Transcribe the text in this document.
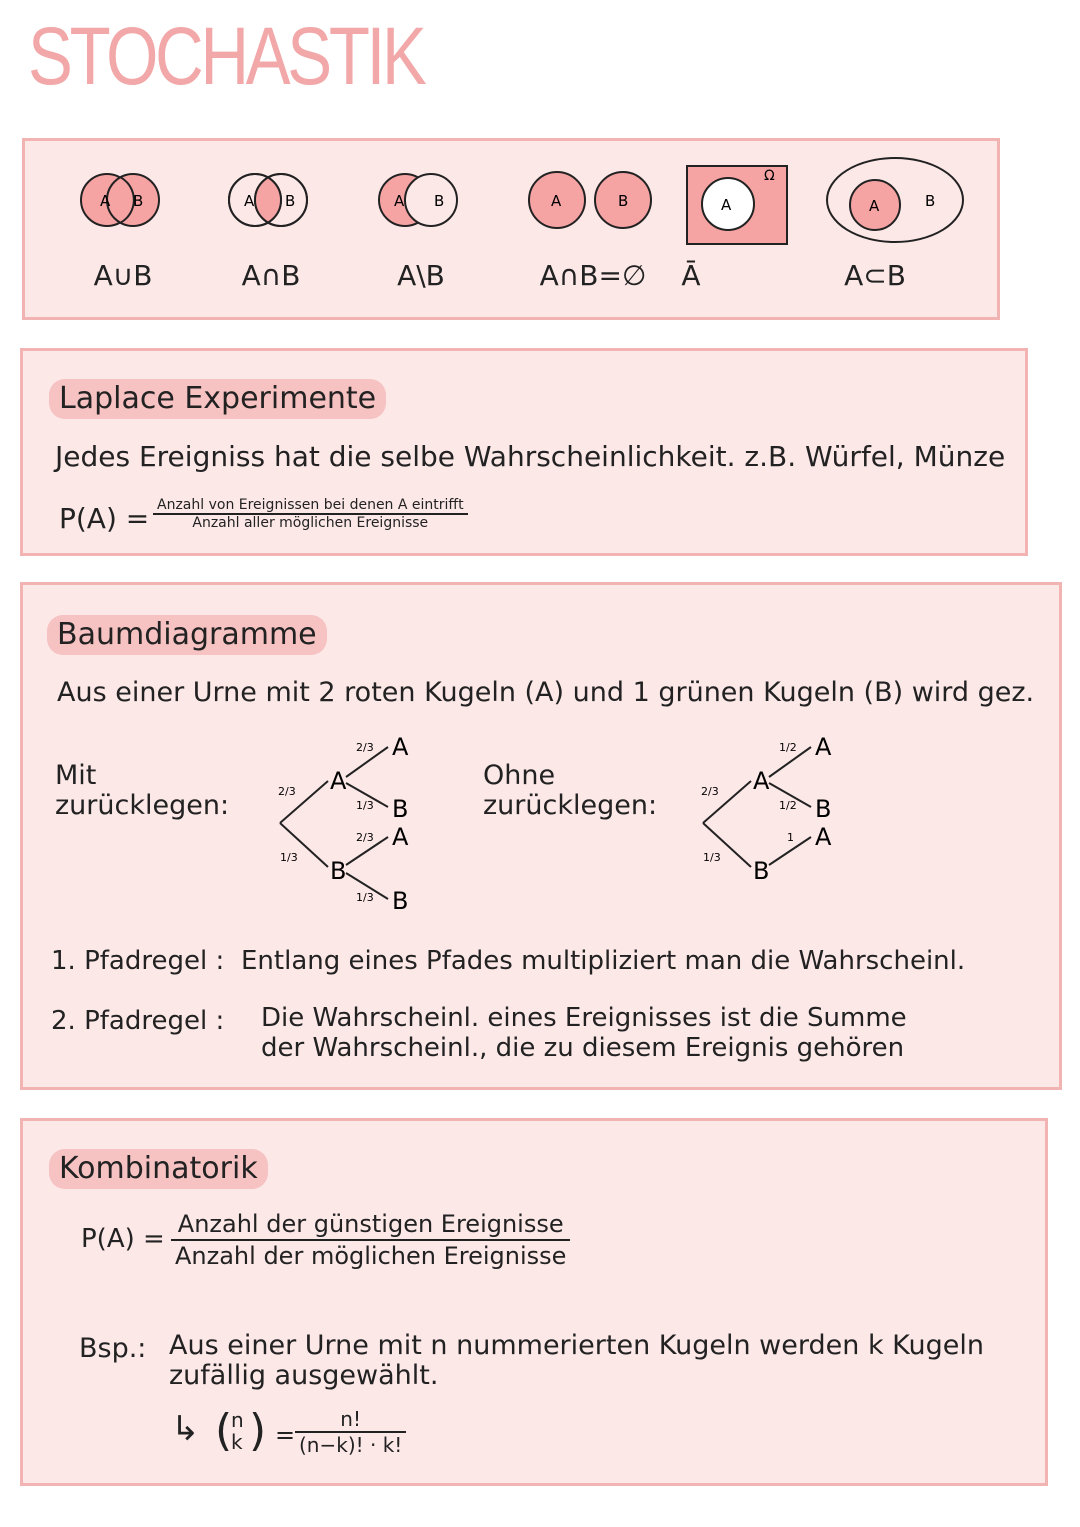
STOCHASTIK
A B	A B	A B	A	B	A
Ω
A	B
A∪B	A∩B	A\B	A∩B=∅	Ā	A⊂B
Laplace Experimente
Jedes Ereigniss hat die selbe Wahrscheinlichkeit. z.B. Würfel, Münze
P(A) = Anzahl von Ereignissen bei denen A eintrifft
Anzahl aller möglichen Ereignisse
Baumdiagramme
Aus einer Urne mit 2 roten Kugeln (A) und 1 grünen Kugeln (B) wird gez.
Mit
zurücklegen:
Ohne
zurücklegen:
A
B
A
B
A
B
2/3
1/3
2/3
1/3
2/3
1/3
A
B
A
B
A
2/3
1/3
1/2
1/2
1
1. Pfadregel : Entlang eines Pfades multipliziert man die Wahrscheinl.
2. Pfadregel : Die Wahrscheinl. eines Ereignisses ist die Summe
der Wahrscheinl., die zu diesem Ereignis gehören
Kombinatorik
P(A) = Anzahl der günstigen Ereignisse
Anzahl der möglichen Ereignisse
Bsp.: Aus einer Urne mit n nummerierten Kugeln werden k Kugeln
zufällig ausgewählt.
↳ (
n
k ) = $\frac{n!}{(n-k)! \cdot k!}$
